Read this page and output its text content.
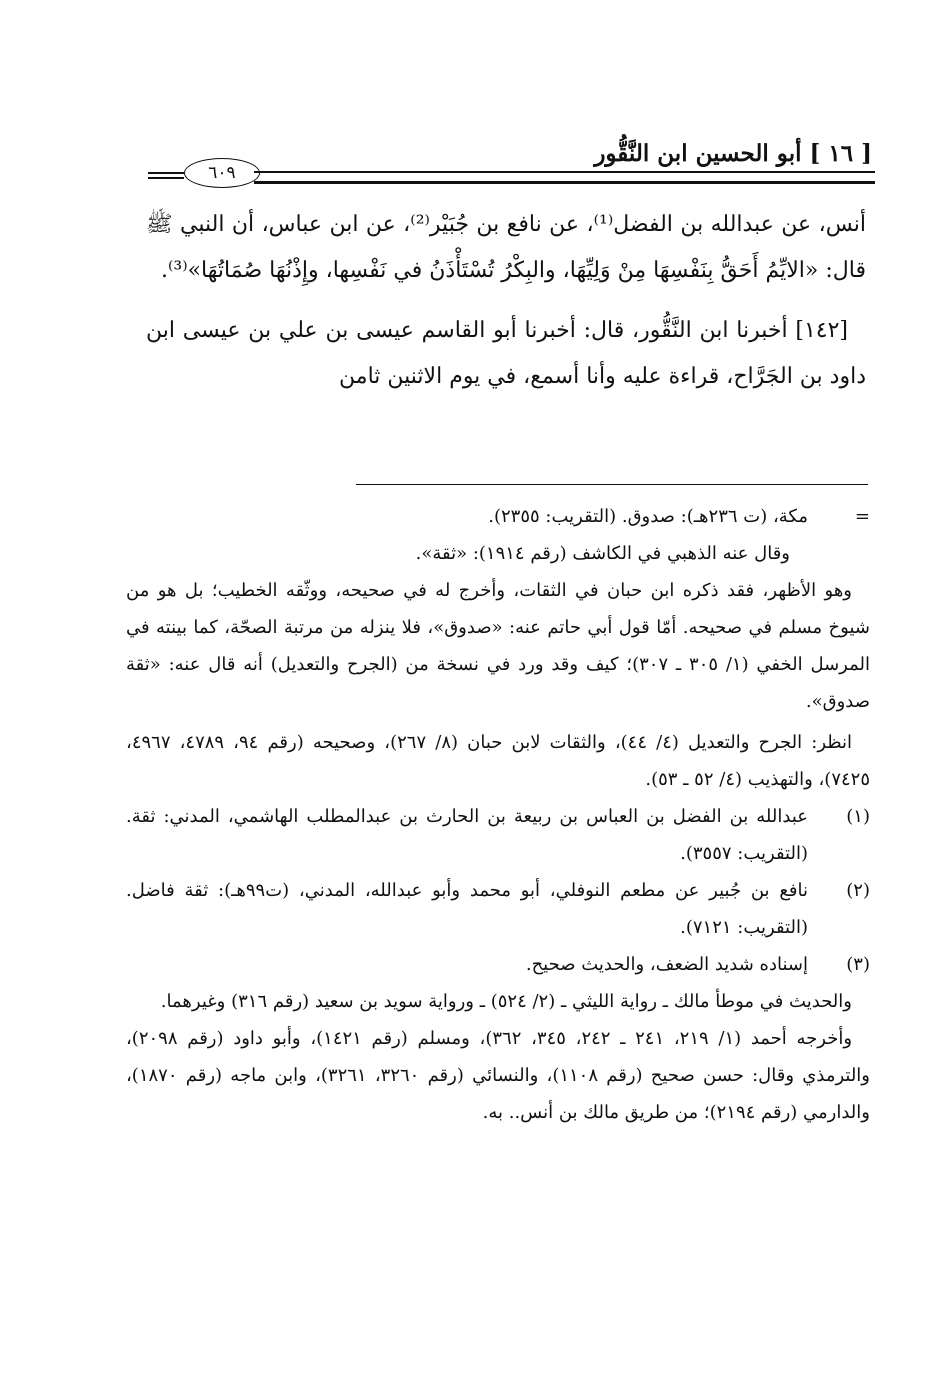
[ ١٦ ] أبو الحسين ابن النَّقُّور
٦٠٩

أنس، عن عبدالله بن الفضل⁽¹⁾، عن نافع بن جُبَيْر⁽²⁾، عن ابن عباس، أن النبي ﷺ قال: «الايِّمُ أَحَقُّ بِنَفْسِهَا مِنْ وَلِيِّهَا، والبِكْرُ تُسْتَأْذَنُ في نَفْسِها، وإِذْنُهَا صُمَاتُهَا»⁽³⁾.

[١٤٢] أخبرنا ابن النَّقُّور، قال: أخبرنا أبو القاسم عيسى بن علي بن عيسى ابن داود بن الجَرَّاح، قراءة عليه وأنا أسمع، في يوم الاثنين ثامن

=
مكة، (ت ٢٣٦هـ): صدوق. (التقريب: ٢٣٥٥).

وقال عنه الذهبي في الكاشف (رقم ١٩١٤): «ثقة».

وهو الأظهر، فقد ذكره ابن حبان في الثقات، وأخرج له في صحيحه، ووثّقه الخطيب؛ بل هو من شيوخ مسلم في صحيحه. أمّا قول أبي حاتم عنه: «صدوق»، فلا ينزله من مرتبة الصحّة، كما بينته في المرسل الخفي (١/ ٣٠٥ ـ ٣٠٧)؛ كيف وقد ورد في نسخة من (الجرح والتعديل) أنه قال عنه: «ثقة صدوق».

انظر: الجرح والتعديل (٤/ ٤٤)، والثقات لابن حبان (٨/ ٢٦٧)، وصحيحه (رقم ٩٤، ٤٧٨٩، ٤٩٦٧، ٧٤٢٥)، والتهذيب (٤/ ٥٢ ـ ٥٣).

(١)
عبدالله بن الفضل بن العباس بن ربيعة بن الحارث بن عبدالمطلب الهاشمي، المدني: ثقة. (التقريب: ٣٥٥٧).

(٢)
نافع بن جُبير عن مطعم النوفلي، أبو محمد وأبو عبدالله، المدني، (ت٩٩هـ): ثقة فاضل. (التقريب: ٧١٢١).

(٣)
إسناده شديد الضعف، والحديث صحيح.

والحديث في موطأ مالك ـ رواية الليثي ـ (٢/ ٥٢٤) ـ ورواية سويد بن سعيد (رقم ٣١٦) وغيرهما.

وأخرجه أحمد (١/ ٢١٩، ٢٤١ ـ ٢٤٢، ٣٤٥، ٣٦٢)، ومسلم (رقم ١٤٢١)، وأبو داود (رقم ٢٠٩٨)، والترمذي وقال: حسن صحيح (رقم ١١٠٨)، والنسائي (رقم ٣٢٦٠، ٣٢٦١)، وابن ماجه (رقم ١٨٧٠)، والدارمي (رقم ٢١٩٤)؛ من طريق مالك بن أنس.. به.
